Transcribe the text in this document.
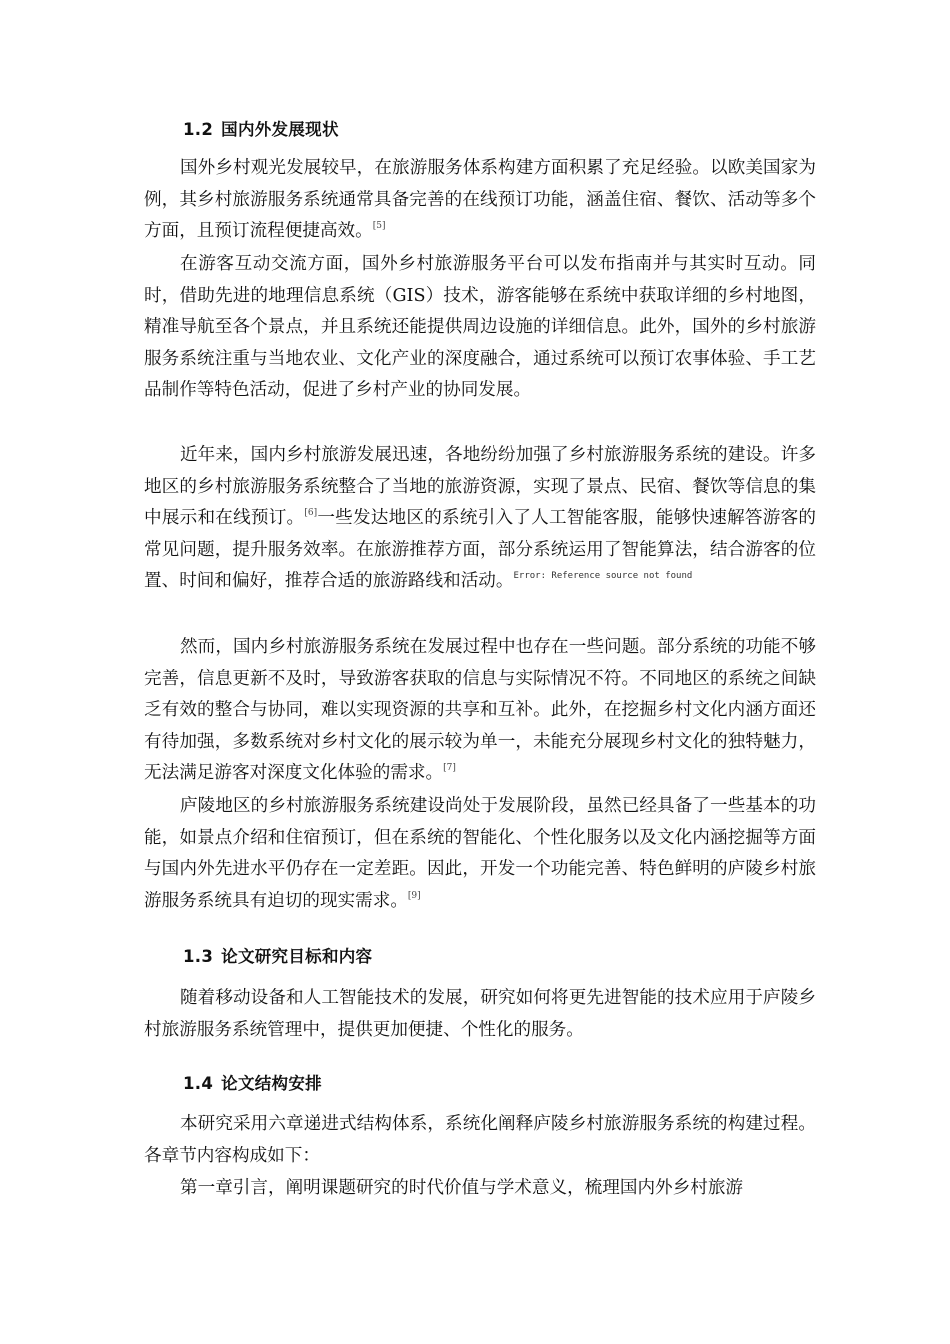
1.2 国内外发展现状

国外乡村观光发展较早，在旅游服务体系构建方面积累了充足经验。以欧美国家为例，其乡村旅游服务系统通常具备完善的在线预订功能，涵盖住宿、餐饮、活动等多个方面，且预订流程便捷高效。[5]

在游客互动交流方面，国外乡村旅游服务平台可以发布指南并与其实时互动。同时，借助先进的地理信息系统（GIS）技术，游客能够在系统中获取详细的乡村地图，精准导航至各个景点，并且系统还能提供周边设施的详细信息。此外，国外的乡村旅游服务系统注重与当地农业、文化产业的深度融合，通过系统可以预订农事体验、手工艺品制作等特色活动，促进了乡村产业的协同发展。

近年来，国内乡村旅游发展迅速，各地纷纷加强了乡村旅游服务系统的建设。许多地区的乡村旅游服务系统整合了当地的旅游资源，实现了景点、民宿、餐饮等信息的集中展示和在线预订。[6]一些发达地区的系统引入了人工智能客服，能够快速解答游客的常见问题，提升服务效率。在旅游推荐方面，部分系统运用了智能算法，结合游客的位置、时间和偏好，推荐合适的旅游路线和活动。$^{Error: Reference source not found}$

然而，国内乡村旅游服务系统在发展过程中也存在一些问题。部分系统的功能不够完善，信息更新不及时，导致游客获取的信息与实际情况不符。不同地区的系统之间缺乏有效的整合与协同，难以实现资源的共享和互补。此外，在挖掘乡村文化内涵方面还有待加强，多数系统对乡村文化的展示较为单一，未能充分展现乡村文化的独特魅力，无法满足游客对深度文化体验的需求。[7]

庐陵地区的乡村旅游服务系统建设尚处于发展阶段，虽然已经具备了一些基本的功能，如景点介绍和住宿预订，但在系统的智能化、个性化服务以及文化内涵挖掘等方面与国内外先进水平仍存在一定差距。因此，开发一个功能完善、特色鲜明的庐陵乡村旅游服务系统具有迫切的现实需求。[9]

1.3 论文研究目标和内容

随着移动设备和人工智能技术的发展，研究如何将更先进智能的技术应用于庐陵乡村旅游服务系统管理中，提供更加便捷、个性化的服务。

1.4 论文结构安排

本研究采用六章递进式结构体系，系统化阐释庐陵乡村旅游服务系统的构建过程。各章节内容构成如下：

第一章引言，阐明课题研究的时代价值与学术意义，梳理国内外乡村旅游
